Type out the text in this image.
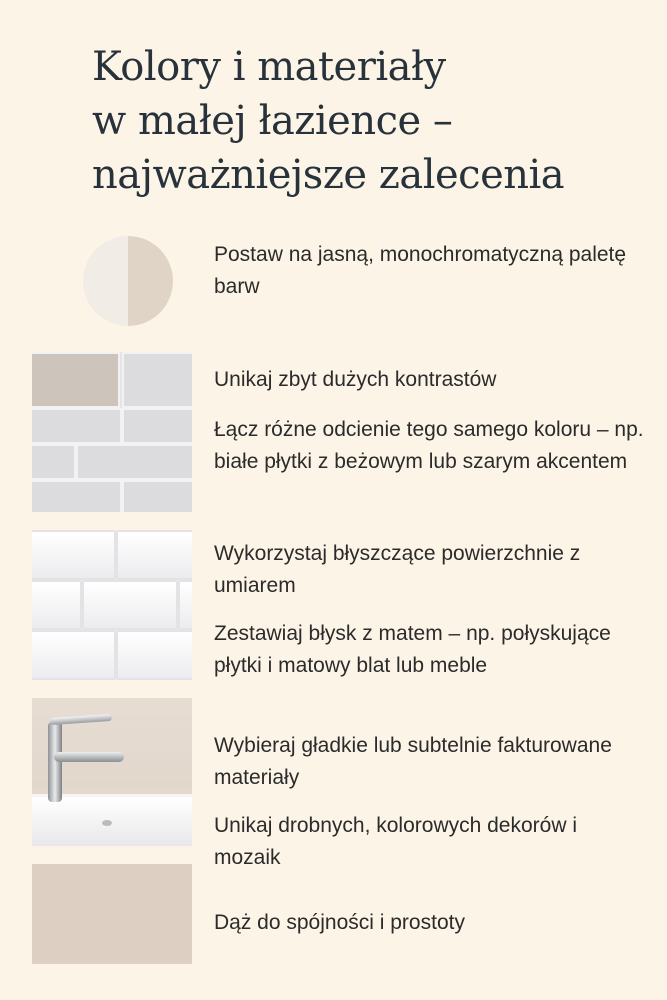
Kolory i materiały
w małej łazience –
najważniejsze zalecenia

Postaw na jasną, monochromatyczną paletę barw

Unikaj zbyt dużych kontrastów

Łącz różne odcienie tego samego koloru – np. białe płytki z beżowym lub szarym akcentem

Wykorzystaj błyszczące powierzchnie z umiarem

Zestawiaj błysk z matem – np. połyskujące płytki i matowy blat lub meble

Wybieraj gładkie lub subtelnie fakturowane materiały

Unikaj drobnych, kolorowych dekorów i mozaik

Dąż do spójności i prostoty
